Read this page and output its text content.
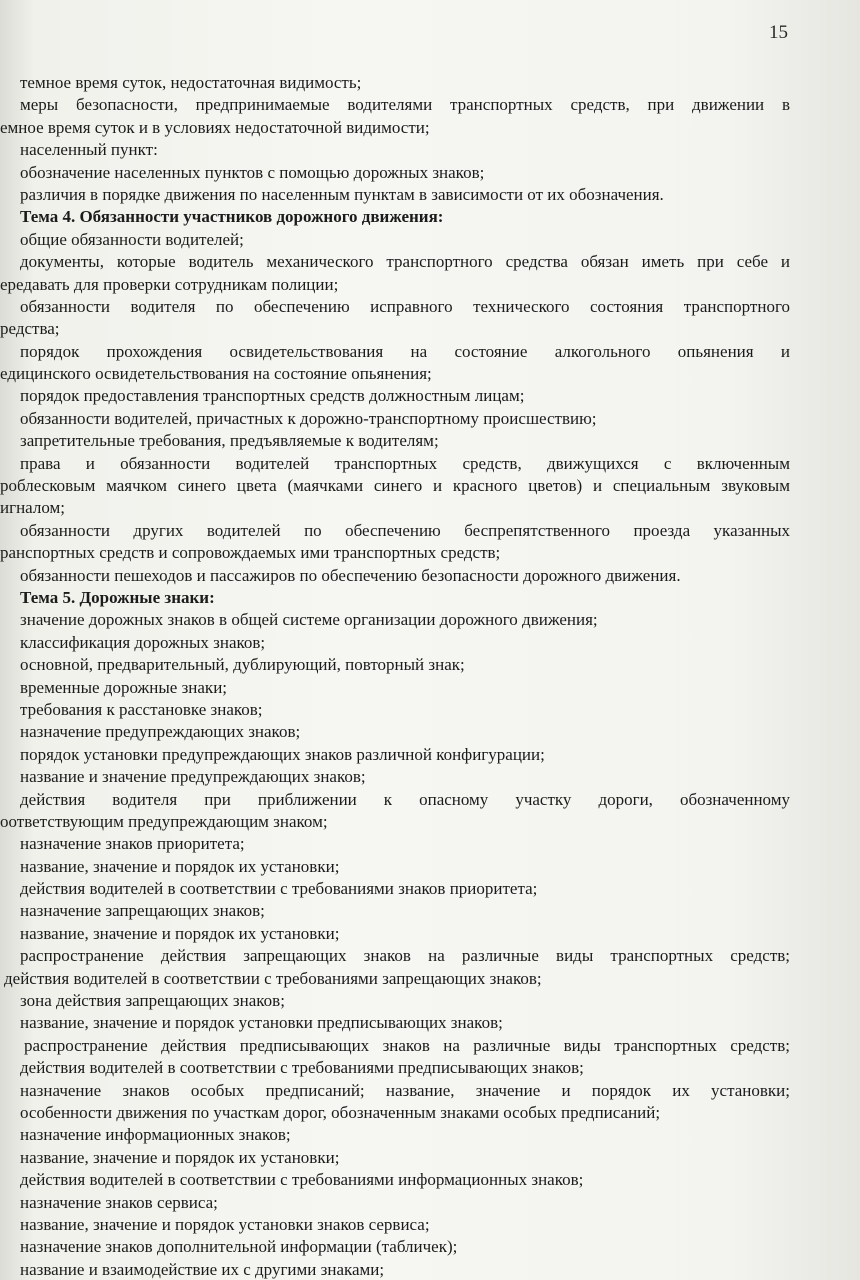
15
темное время суток, недостаточная видимость;
меры безопасности, предпринимаемые водителями транспортных средств, при движении в
емное время суток и в условиях недостаточной видимости;
населенный пункт:
обозначение населенных пунктов с помощью дорожных знаков;
различия в порядке движения по населенным пунктам в зависимости от их обозначения.
Тема 4. Обязанности участников дорожного движения:
общие обязанности водителей;
документы, которые водитель механического транспортного средства обязан иметь при себе и
ередавать для проверки сотрудникам полиции;
обязанности водителя по обеспечению исправного технического состояния транспортного
редства;
порядок прохождения освидетельствования на состояние алкогольного опьянения и
едицинского освидетельствования на состояние опьянения;
порядок предоставления транспортных средств должностным лицам;
обязанности водителей, причастных к дорожно-транспортному происшествию;
запретительные требования, предъявляемые к водителям;
права и обязанности водителей транспортных средств, движущихся с включенным
роблесковым маячком синего цвета (маячками синего и красного цветов) и специальным звуковым
игналом;
обязанности других водителей по обеспечению беспрепятственного проезда указанных
ранспортных средств и сопровождаемых ими транспортных средств;
обязанности пешеходов и пассажиров по обеспечению безопасности дорожного движения.
Тема 5. Дорожные знаки:
значение дорожных знаков в общей системе организации дорожного движения;
классификация дорожных знаков;
основной, предварительный, дублирующий, повторный знак;
временные дорожные знаки;
требования к расстановке знаков;
назначение предупреждающих знаков;
порядок установки предупреждающих знаков различной конфигурации;
название и значение предупреждающих знаков;
действия водителя при приближении к опасному участку дороги, обозначенному
оответствующим предупреждающим знаком;
назначение знаков приоритета;
название, значение и порядок их установки;
действия водителей в соответствии с требованиями знаков приоритета;
назначение запрещающих знаков;
название, значение и порядок их установки;
распространение действия запрещающих знаков на различные виды транспортных средств;
действия водителей в соответствии с требованиями запрещающих знаков;
зона действия запрещающих знаков;
название, значение и порядок установки предписывающих знаков;
распространение действия предписывающих знаков на различные виды транспортных средств;
действия водителей в соответствии с требованиями предписывающих знаков;
назначение знаков особых предписаний; название, значение и порядок их установки;
особенности движения по участкам дорог, обозначенным знаками особых предписаний;
назначение информационных знаков;
название, значение и порядок их установки;
действия водителей в соответствии с требованиями информационных знаков;
назначение знаков сервиса;
название, значение и порядок установки знаков сервиса;
назначение знаков дополнительной информации (табличек);
название и взаимодействие их с другими знаками;
